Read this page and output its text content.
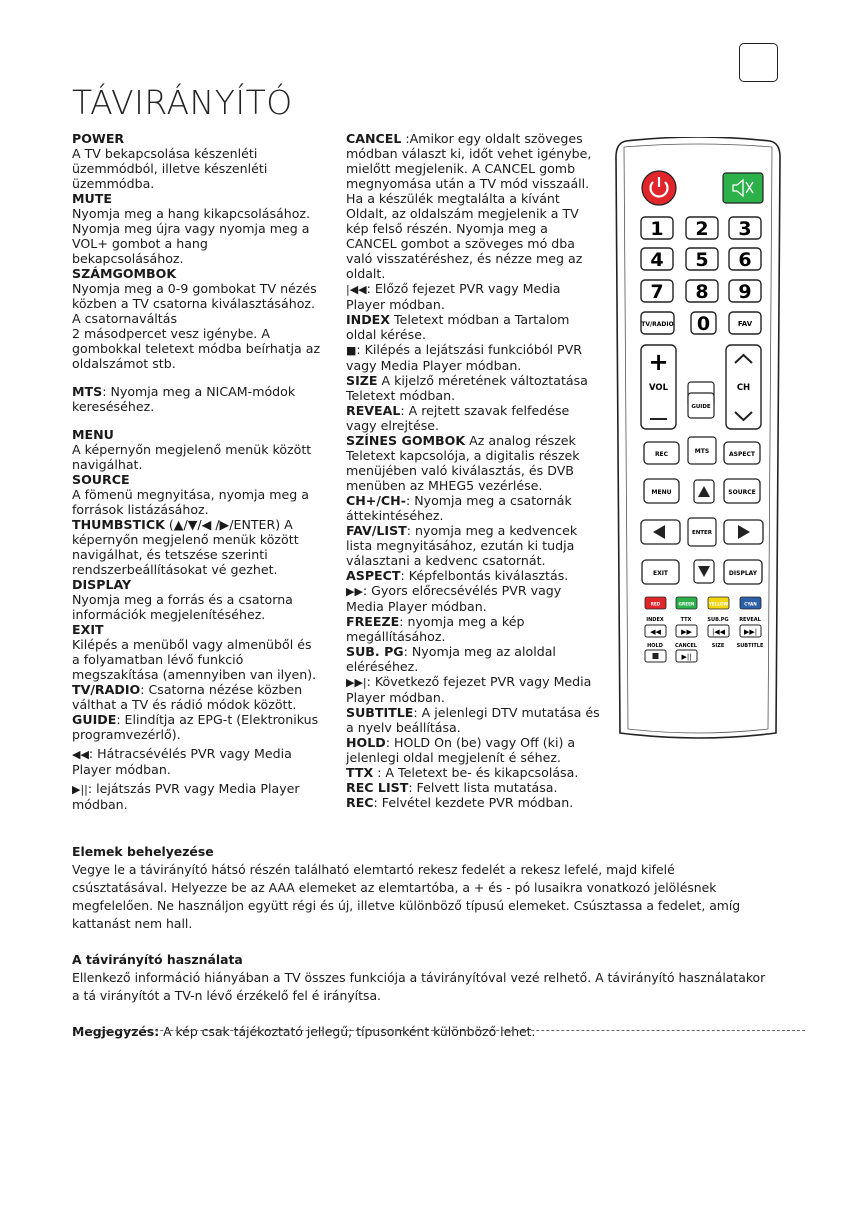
TÁVIRÁNYÍTÓ

POWER
A TV bekapcsolása készenléti üzemmódból, illetve készenléti üzemmódba.

MUTE
Nyomja meg a hang kikapcsolásához. Nyomja meg újra vagy nyomja meg a VOL+ gombot a hang bekapcsolásához.

SZÁMGOMBOK
Nyomja meg a 0-9 gombokat TV nézés közben a TV csatorna kiválasztásához. A csatornaváltás

2 másodpercet vesz igénybe. A gombokkal teletext módba beírhatja az oldalszámot stb.

MTS: Nyomja meg a NICAM-módok kereséséhez.

MENU
A képernyőn megjelenő menük között navigálhat.

SOURCE
A fömenü megnyitása, nyomja meg a források listázásához.

THUMBSTICK (▲/▼/◀ /▶/ENTER) A képernyőn megjelenő menük között navigálhat, és tetszése szerinti rendszerbeállításokat vé gezhet.

DISPLAY
Nyomja meg a forrás és a csatorna információk megjelenítéséhez.

EXIT
Kilépés a menüből vagy almenüből és a folyamatban lévő funkció megszakítása (amennyiben van ilyen).

TV/RADIO: Csatorna nézése közben válthat a TV és rádió módok között.

GUIDE: Elindítja az EPG-t (Elektronikus programvezérlő).

◀◀: Hátracsévélés PVR vagy Media Player módban.

▶||: lejátszás PVR vagy Media Player módban.

CANCEL :Amikor egy oldalt szöveges módban választ ki, időt vehet igénybe, mielőtt megjelenik. A CANCEL gomb megnyomása után a TV mód visszaáll. Ha a készülék megtalálta a kívánt Oldalt, az oldalszám megjelenik a TV kép felső részén. Nyomja meg a CANCEL gombot a szöveges mó dba való visszatéréshez, és nézze meg az oldalt.

|◀◀: Előző fejezet PVR vagy Media Player módban.

INDEX Teletext módban a Tartalom oldal kérése.

■: Kilépés a lejátszási funkcióból PVR vagy Media Player módban.

SIZE A kijelző méretének változtatása Teletext módban.

REVEAL: A rejtett szavak felfedése vagy elrejtése.

SZÍNES GOMBOK Az analog részek Teletext kapcsolója, a digitalis részek menüjében való kiválasztás, és DVB menüben az MHEG5 vezérlése.

CH+/CH-: Nyomja meg a csatornák áttekintéséhez.

FAV/LIST: nyomja meg a kedvencek lista megnyitásához, ezután ki tudja választani a kedvenc csatornát.

ASPECT: Képfelbontás kiválasztás.

▶▶: Gyors előrecsévélés PVR vagy Media Player módban.

FREEZE: nyomja meg a kép megállításához.

SUB. PG: Nyomja meg az aloldal eléréséhez.

▶▶|: Következő fejezet PVR vagy Media Player módban.

SUBTITLE: A jelenlegi DTV mutatása és a nyelv beállítása.

HOLD: HOLD On (be) vagy Off (ki) a jelenlegi oldal megjelenít é séhez.

TTX : A Teletext be- és kikapcsolása.

REC LIST: Felvett lista mutatása.

REC: Felvétel kezdete PVR módban.

1 2 3
4 5 6
7 8 9
TV/RADIO 0	FAV
+
VOL
GUIDE
CH
REC	MTS	ASPECT
MENU	SOURCE
ENTER
EXIT	DISPLAY
RED	GREEN	YELLOW	CYAN
INDEX
◀◀
TTX
▶▶
SUB.PG
|◀◀
REVEAL
▶▶|
HOLD CANCEL
▶||
SIZE SUBTITLE

Elemek behelyezése

Vegye le a távirányító hátsó részén található elemtartó rekesz fedelét a rekesz lefelé, majd kifelé csúsztatásával. Helyezze be az AAA elemeket az elemtartóba, a + és - pó lusaikra vonatkozó jelölésnek megfelelően. Ne használjon együtt régi és új, illetve különböző típusú elemeket. Csúsztassa a fedelet, amíg kattanást nem hall.

A távirányító használata

Ellenkező információ hiányában a TV összes funkciója a távirányítóval vezé relhető. A távirányító használatakor a tá virányítót a TV-n lévő érzékelő fel é irányítsa.

Megjegyzés: A kép csak tájékoztató jellegű; típusonként különböző lehet.
